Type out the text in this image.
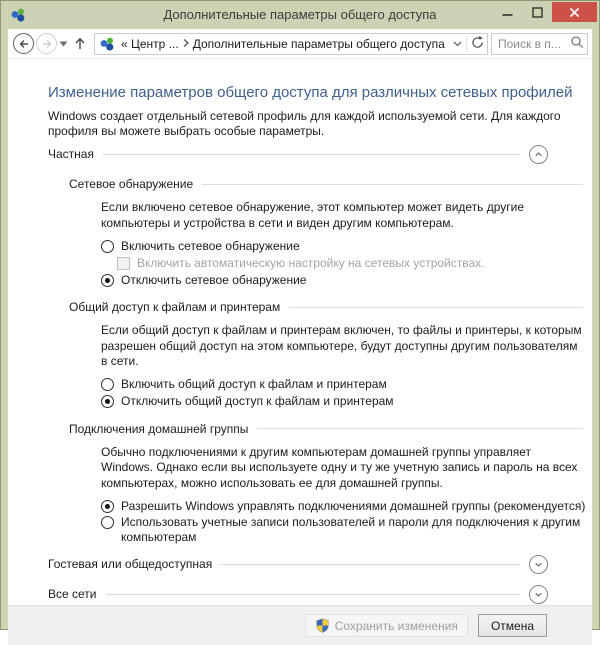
Дополнительные параметры общего доступа
« Центр ... Дополнительные параметры общего доступа
Поиск в п...
Изменение параметров общего доступа для различных сетевых профилей

Windows создает отдельный сетевой профиль для каждой используемой сети. Для каждого профиля вы можете выбрать особые параметры.

Частная
Сетевое обнаружение

Если включено сетевое обнаружение, этот компьютер может видеть другие компьютеры и устройства в сети и виден другим компьютерам.

Включить сетевое обнаружение
Включить автоматическую настройку на сетевых устройствах.
Отключить сетевое обнаружение
Общий доступ к файлам и принтерам

Если общий доступ к файлам и принтерам включен, то файлы и принтеры, к которым разрешен общий доступ на этом компьютере, будут доступны другим пользователям в сети.

Включить общий доступ к файлам и принтерам
Отключить общий доступ к файлам и принтерам
Подключения домашней группы

Обычно подключениями к другим компьютерам домашней группы управляет Windows. Однако если вы используете одну и ту же учетную запись и пароль на всех компьютерах, можно использовать ее для домашней группы.

Разрешить Windows управлять подключениями домашней группы (рекомендуется)
Использовать учетные записи пользователей и пароли для подключения к другим компьютерам
Гостевая или общедоступная
Все сети
Сохранить изменения	Отмена
